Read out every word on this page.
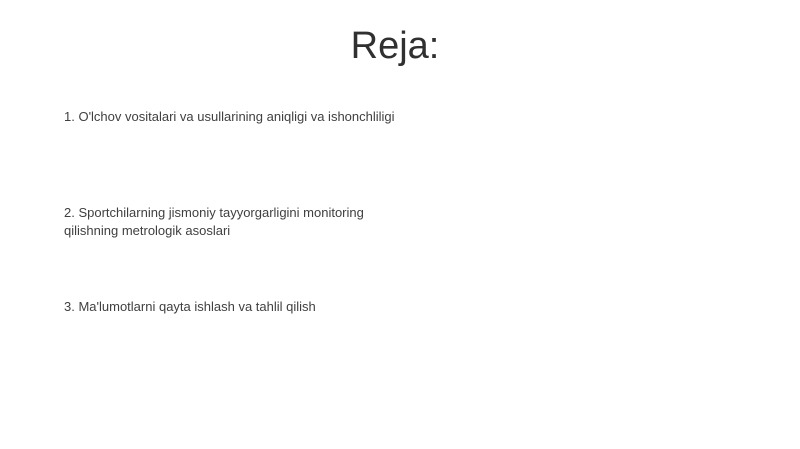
Reja:
1. O'lchov vositalari va usullarining aniqligi va ishonchliligi
2. Sportchilarning jismoniy tayyorgarligini monitoring qilishning metrologik asoslari
3. Ma'lumotlarni qayta ishlash va tahlil qilish
